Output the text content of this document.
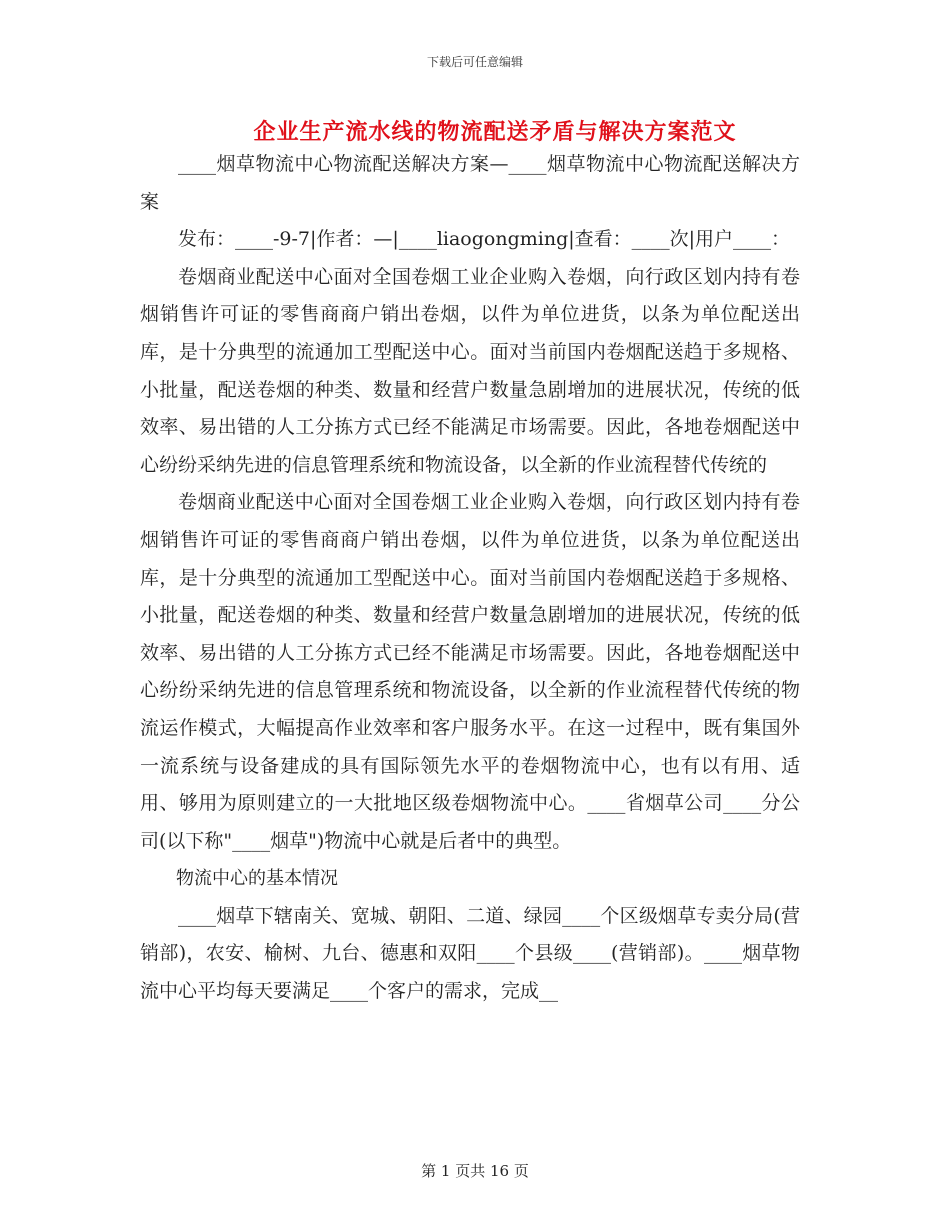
下载后可任意编辑
企业生产流水线的物流配送矛盾与解决方案范文

____烟草物流中心物流配送解决方案—____烟草物流中心物流配送解决方案

发布：____-9-7|作者：—|____liaogongming|查看：____次|用户____：

卷烟商业配送中心面对全国卷烟工业企业购入卷烟，向行政区划内持有卷烟销售许可证的零售商商户销出卷烟，以件为单位进货，以条为单位配送出库，是十分典型的流通加工型配送中心。面对当前国内卷烟配送趋于多规格、小批量，配送卷烟的种类、数量和经营户数量急剧增加的进展状况，传统的低效率、易出错的人工分拣方式已经不能满足市场需要。因此，各地卷烟配送中心纷纷采纳先进的信息管理系统和物流设备，以全新的作业流程替代传统的

卷烟商业配送中心面对全国卷烟工业企业购入卷烟，向行政区划内持有卷烟销售许可证的零售商商户销出卷烟，以件为单位进货，以条为单位配送出库，是十分典型的流通加工型配送中心。面对当前国内卷烟配送趋于多规格、小批量，配送卷烟的种类、数量和经营户数量急剧增加的进展状况，传统的低效率、易出错的人工分拣方式已经不能满足市场需要。因此，各地卷烟配送中心纷纷采纳先进的信息管理系统和物流设备，以全新的作业流程替代传统的物流运作模式，大幅提高作业效率和客户服务水平。在这一过程中，既有集国外一流系统与设备建成的具有国际领先水平的卷烟物流中心，也有以有用、适用、够用为原则建立的一大批地区级卷烟物流中心。____省烟草公司____分公司(以下称"____烟草")物流中心就是后者中的典型。

物流中心的基本情况

____烟草下辖南关、宽城、朝阳、二道、绿园____个区级烟草专卖分局(营销部)，农安、榆树、九台、德惠和双阳____个县级____(营销部)。____烟草物流中心平均每天要满足____个客户的需求，完成__

第 1 页共 16 页
